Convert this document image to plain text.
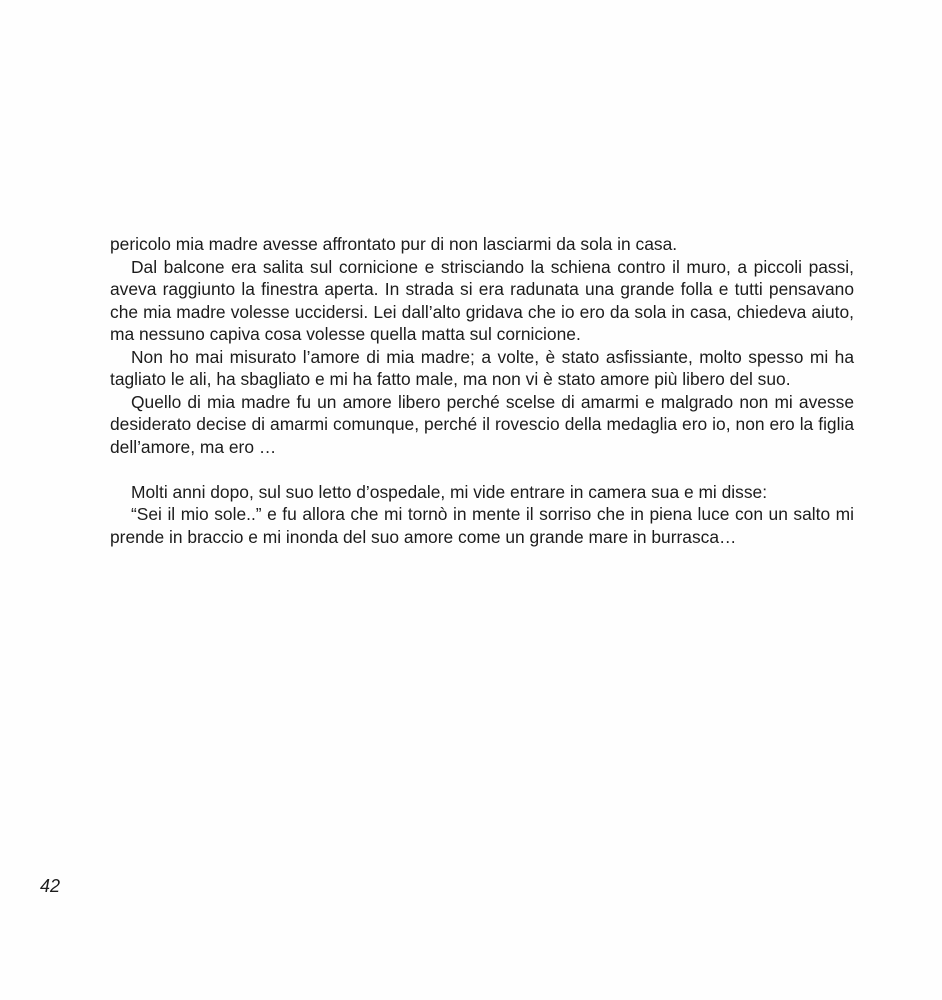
pericolo mia madre avesse affrontato pur di non lasciarmi da sola in casa.

Dal balcone era salita sul cornicione e strisciando la schiena contro il muro, a piccoli passi, aveva raggiunto la finestra aperta. In strada si era radunata una grande folla e tutti pensavano che mia madre volesse uccidersi. Lei dall’alto gridava che io ero da sola in casa, chiedeva aiuto, ma nessuno capiva cosa volesse quella matta sul cornicione.

Non ho mai misurato l’amore di mia madre; a volte, è stato asfissiante, molto spesso mi ha tagliato le ali, ha sbagliato e mi ha fatto male, ma non vi è stato amore più libero del suo.

Quello di mia madre fu un amore libero perché scelse di amarmi e malgrado non mi avesse desiderato decise di amarmi comunque, perché il rovescio della medaglia ero io, non ero la figlia dell’amore, ma ero …

Molti anni dopo, sul suo letto d’ospedale, mi vide entrare in camera sua e mi disse:

“Sei il mio sole..” e fu allora che mi tornò in mente il sorriso che in piena luce con un salto mi prende in braccio e mi inonda del suo amore come un grande mare in burrasca…

42
